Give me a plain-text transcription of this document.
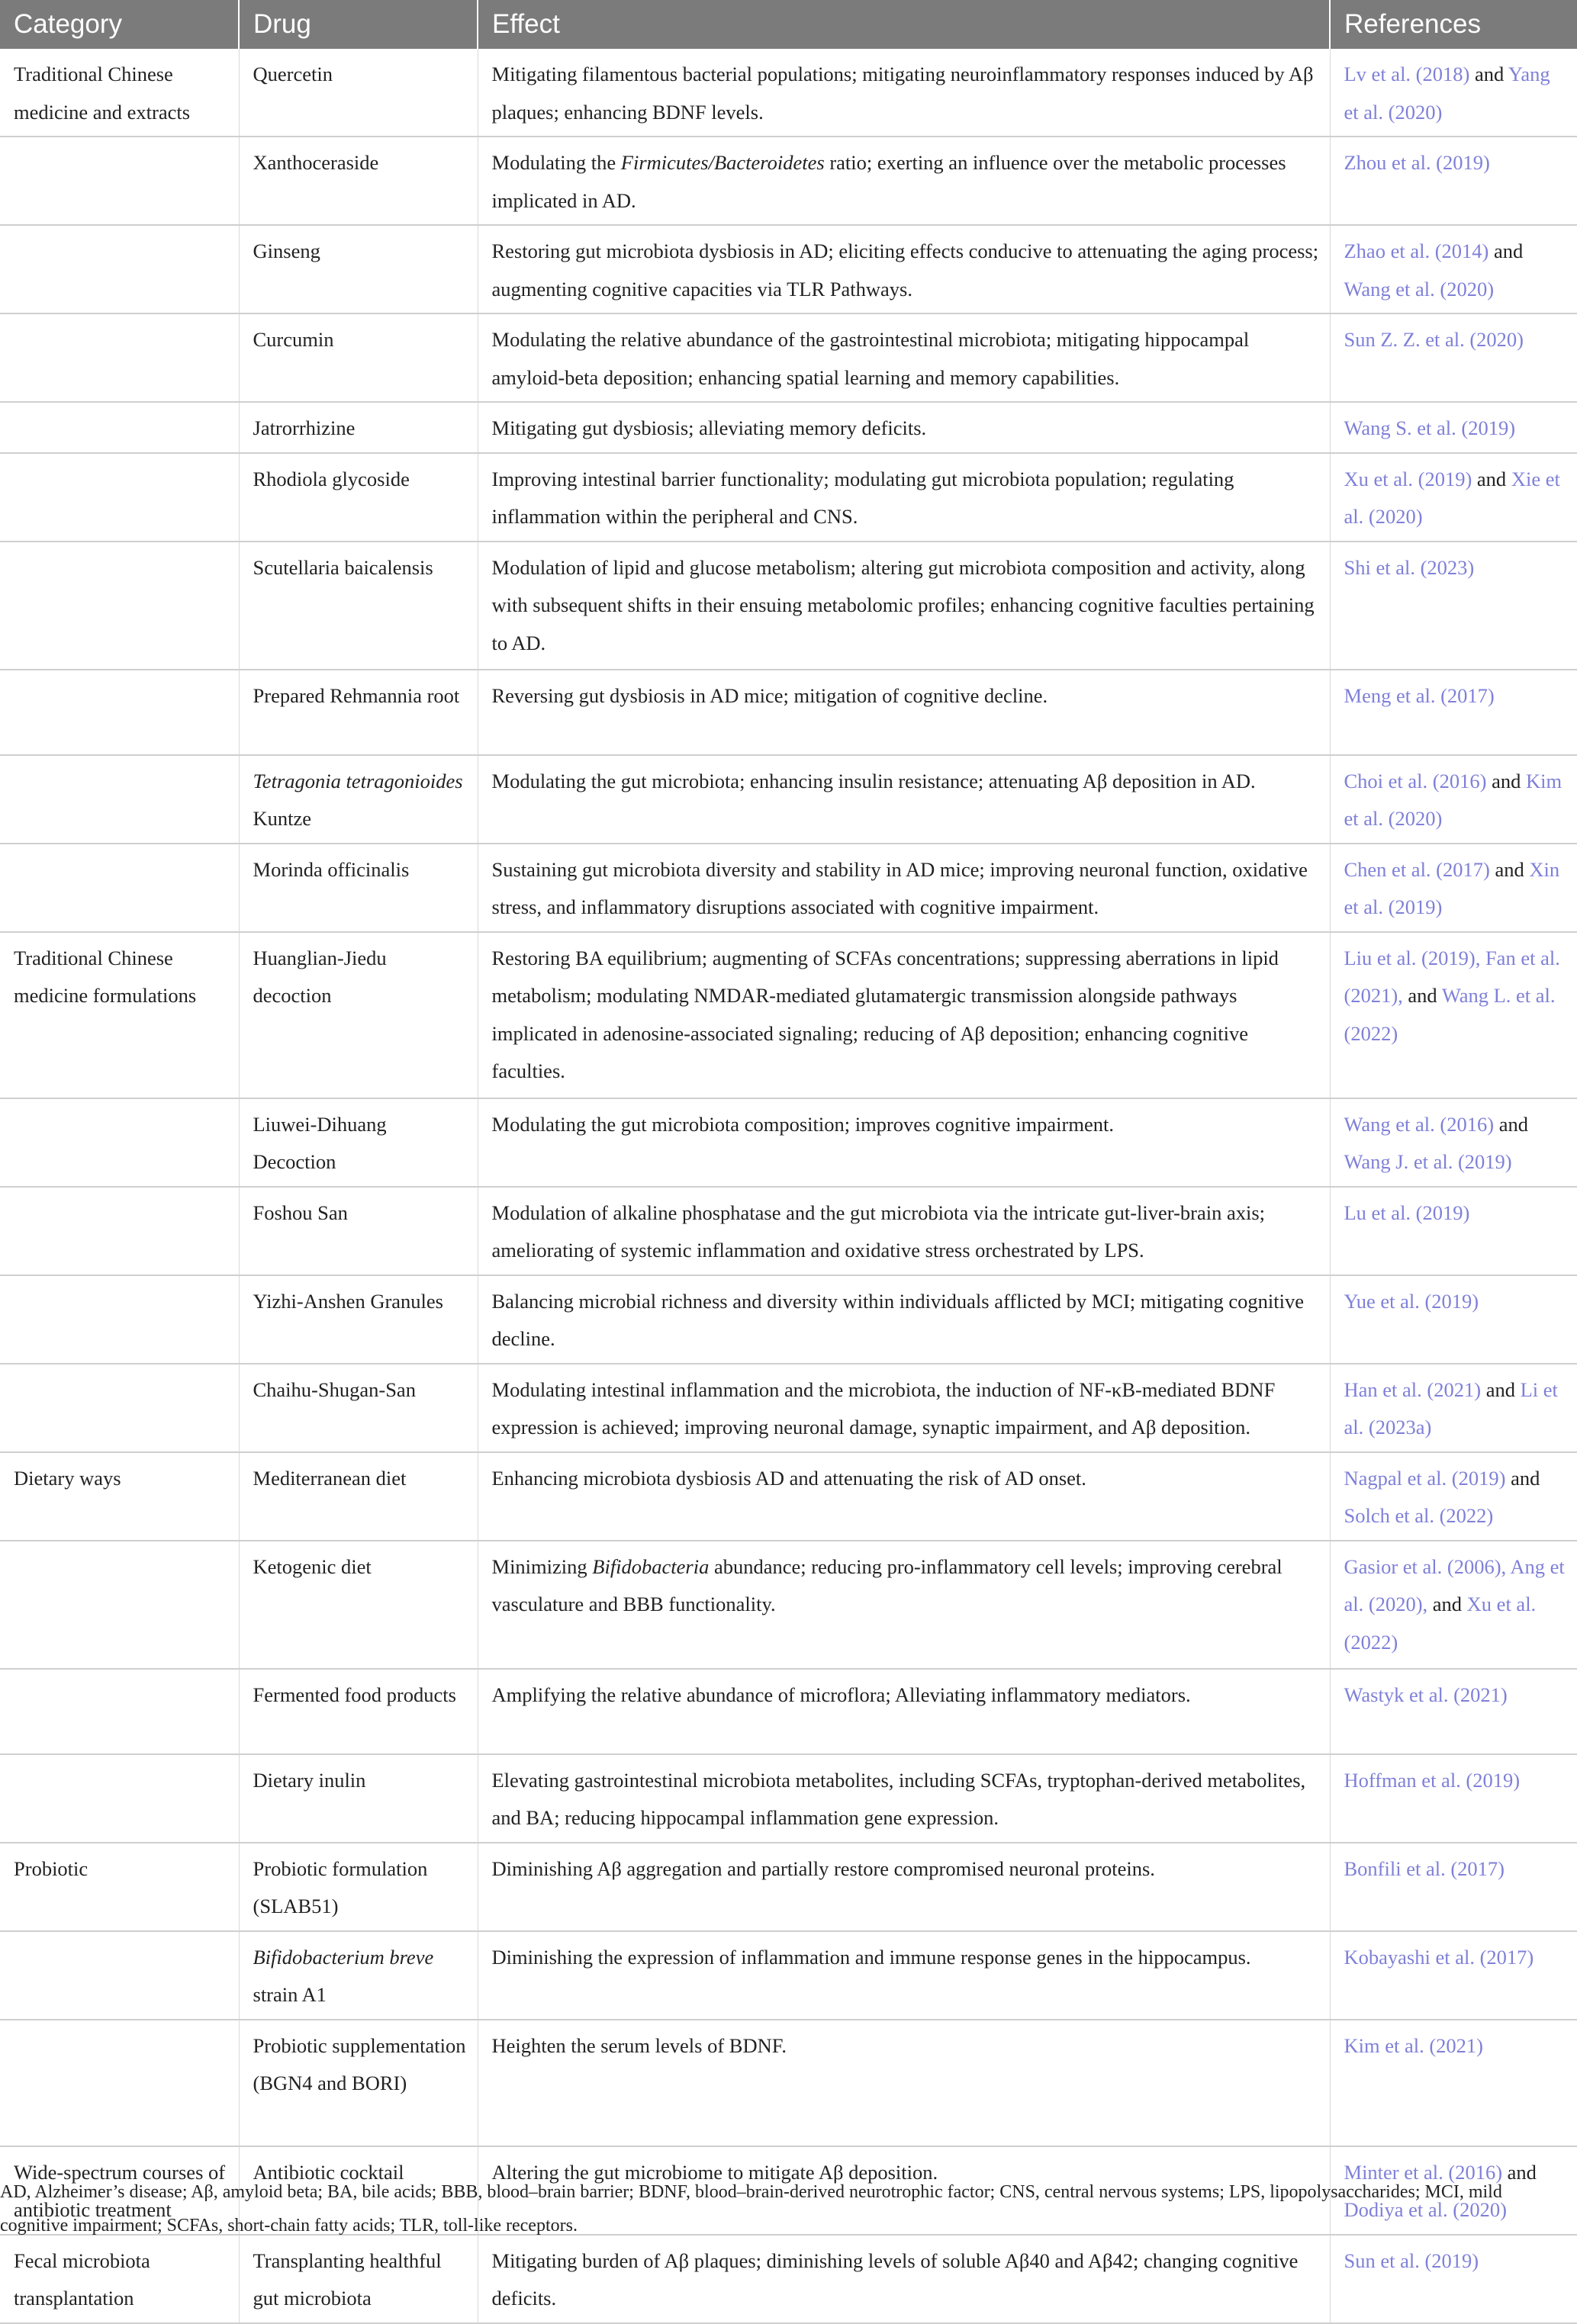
Category	Drug	Effect	References
Traditional Chinese medicine and extracts	Quercetin	Mitigating filamentous bacterial populations; mitigating neuroinflammatory responses induced by Aβ plaques; enhancing BDNF levels.	Lv et al. (2018) and Yang et al. (2020)
	Xanthoceraside	Modulating the Firmicutes/Bacteroidetes ratio; exerting an influence over the metabolic processes implicated in AD.	Zhou et al. (2019)
	Ginseng	Restoring gut microbiota dysbiosis in AD; eliciting effects conducive to attenuating the aging process; augmenting cognitive capacities via TLR Pathways.	Zhao et al. (2014) and Wang et al. (2020)
	Curcumin	Modulating the relative abundance of the gastrointestinal microbiota; mitigating hippocampal amyloid-beta deposition; enhancing spatial learning and memory capabilities.	Sun Z. Z. et al. (2020)
	Jatrorrhizine	Mitigating gut dysbiosis; alleviating memory deficits.	Wang S. et al. (2019)
	Rhodiola glycoside	Improving intestinal barrier functionality; modulating gut microbiota population; regulating inflammation within the peripheral and CNS.	Xu et al. (2019) and Xie et al. (2020)
	Scutellaria baicalensis	Modulation of lipid and glucose metabolism; altering gut microbiota composition and activity, along with subsequent shifts in their ensuing metabolomic profiles; enhancing cognitive faculties pertaining to AD.	Shi et al. (2023)
	Prepared Rehmannia root	Reversing gut dysbiosis in AD mice; mitigation of cognitive decline.	Meng et al. (2017)
	Tetragonia tetragonioides Kuntze	Modulating the gut microbiota; enhancing insulin resistance; attenuating Aβ deposition in AD.	Choi et al. (2016) and Kim et al. (2020)
	Morinda officinalis	Sustaining gut microbiota diversity and stability in AD mice; improving neuronal function, oxidative stress, and inflammatory disruptions associated with cognitive impairment.	Chen et al. (2017) and Xin et al. (2019)
Traditional Chinese medicine formulations	Huanglian-Jiedu decoction	Restoring BA equilibrium; augmenting of SCFAs concentrations; suppressing aberrations in lipid metabolism; modulating NMDAR-mediated glutamatergic transmission alongside pathways implicated in adenosine-associated signaling; reducing of Aβ deposition; enhancing cognitive faculties.	Liu et al. (2019), Fan et al. (2021), and Wang L. et al. (2022)
	Liuwei-Dihuang Decoction	Modulating the gut microbiota composition; improves cognitive impairment.	Wang et al. (2016) and Wang J. et al. (2019)
	Foshou San	Modulation of alkaline phosphatase and the gut microbiota via the intricate gut-liver-brain axis; ameliorating of systemic inflammation and oxidative stress orchestrated by LPS.	Lu et al. (2019)
	Yizhi-Anshen Granules	Balancing microbial richness and diversity within individuals afflicted by MCI; mitigating cognitive decline.	Yue et al. (2019)
	Chaihu-Shugan-San	Modulating intestinal inflammation and the microbiota, the induction of NF-κB-mediated BDNF expression is achieved; improving neuronal damage, synaptic impairment, and Aβ deposition.	Han et al. (2021) and Li et al. (2023a)
Dietary ways	Mediterranean diet	Enhancing microbiota dysbiosis AD and attenuating the risk of AD onset.	Nagpal et al. (2019) and Solch et al. (2022)
	Ketogenic diet	Minimizing Bifidobacteria abundance; reducing pro-inflammatory cell levels; improving cerebral vasculature and BBB functionality.	Gasior et al. (2006), Ang et al. (2020), and Xu et al. (2022)
	Fermented food products	Amplifying the relative abundance of microflora; Alleviating inflammatory mediators.	Wastyk et al. (2021)
	Dietary inulin	Elevating gastrointestinal microbiota metabolites, including SCFAs, tryptophan-derived metabolites, and BA; reducing hippocampal inflammation gene expression.	Hoffman et al. (2019)
Probiotic	Probiotic formulation (SLAB51)	Diminishing Aβ aggregation and partially restore compromised neuronal proteins.	Bonfili et al. (2017)
	Bifidobacterium breve strain A1	Diminishing the expression of inflammation and immune response genes in the hippocampus.	Kobayashi et al. (2017)
	Probiotic supplementation (BGN4 and BORI)	Heighten the serum levels of BDNF.	Kim et al. (2021)
Wide-spectrum courses of antibiotic treatment	Antibiotic cocktail	Altering the gut microbiome to mitigate Aβ deposition.	Minter et al. (2016) and Dodiya et al. (2020)
Fecal microbiota transplantation	Transplanting healthful gut microbiota	Mitigating burden of Aβ plaques; diminishing levels of soluble Aβ40 and Aβ42; changing cognitive deficits.	Sun et al. (2019)
AD, Alzheimer’s disease; Aβ, amyloid beta; BA, bile acids; BBB, blood–brain barrier; BDNF, blood–brain-derived neurotrophic factor; CNS, central nervous systems; LPS, lipopolysaccharides; MCI, mild cognitive impairment; SCFAs, short-chain fatty acids; TLR, toll-like receptors.
